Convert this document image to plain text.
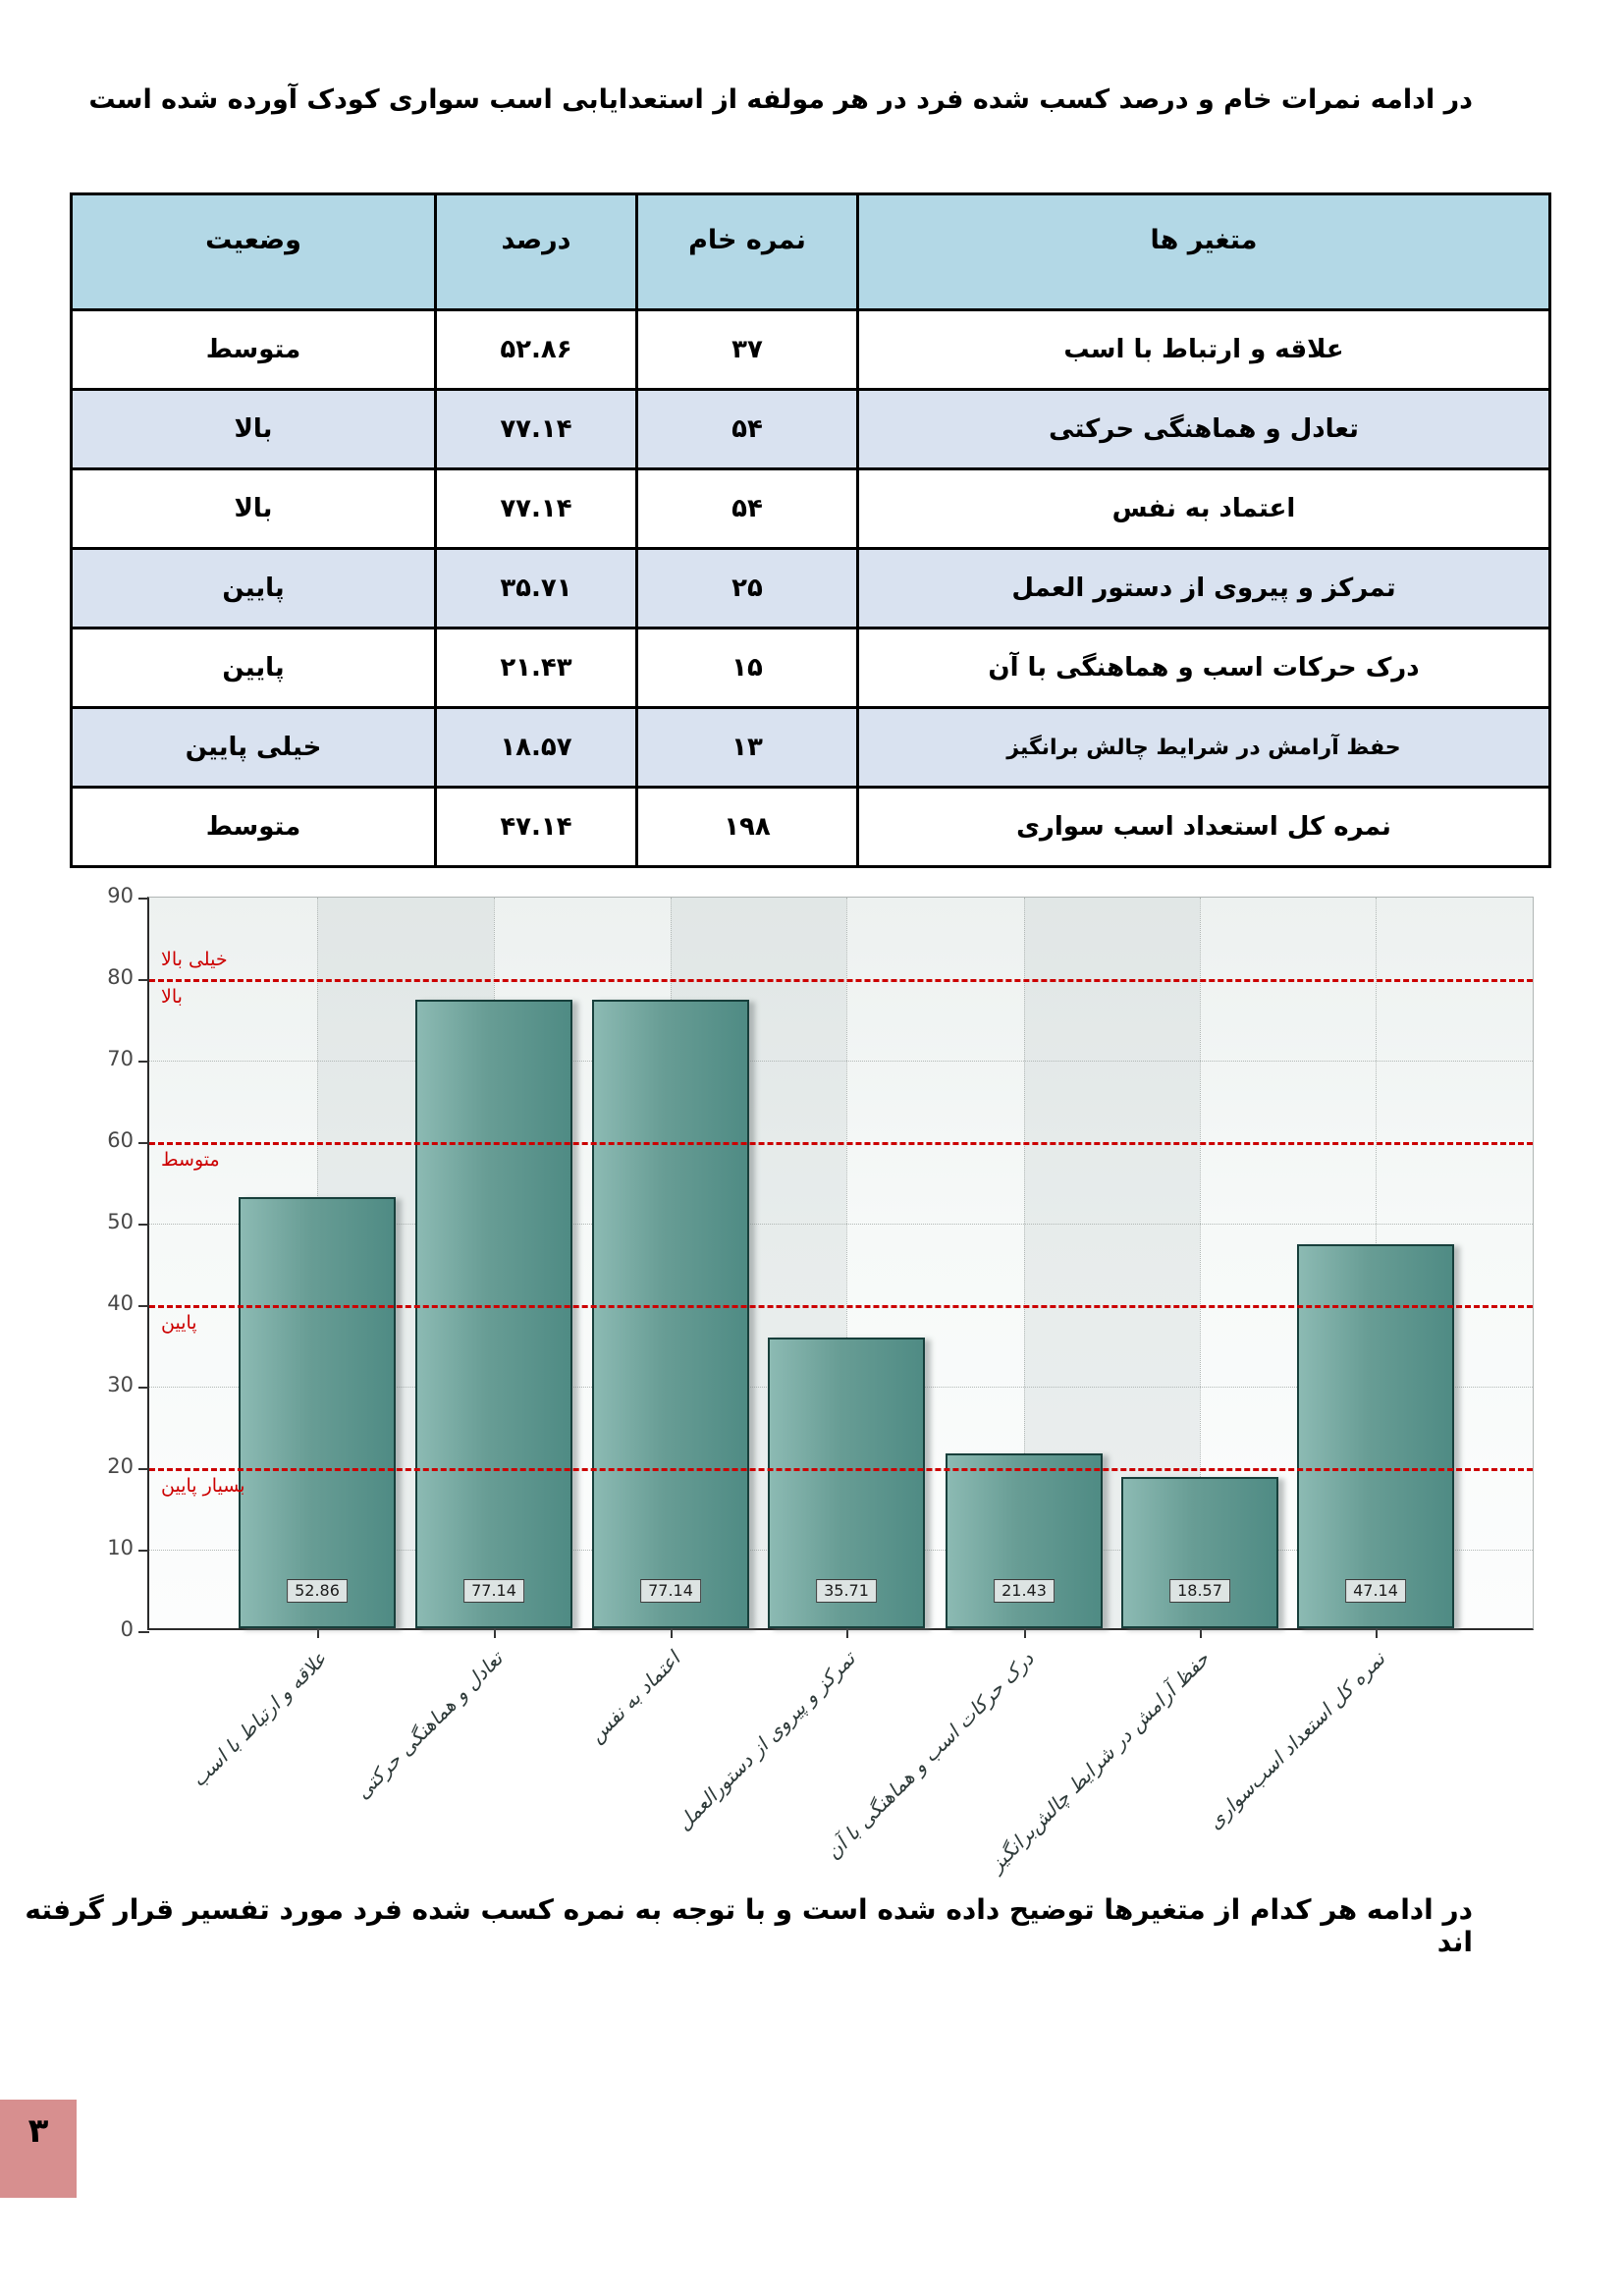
در ادامه نمرات خام و درصد کسب شده فرد در هر مولفه از استعدایابی اسب سواری کودک آورده شده است
متغیر ها	نمره خام	درصد	وضعیت
علاقه و ارتباط با اسب	۳۷	۵۲.۸۶	متوسط
تعادل و هماهنگی حرکتی	۵۴	۷۷.۱۴	بالا
اعتماد به نفس	۵۴	۷۷.۱۴	بالا
تمرکز و پیروی از دستور العمل	۲۵	۳۵.۷۱	پایین
درک حرکات اسب و هماهنگی با آن	۱۵	۲۱.۴۳	پایین
حفظ آرامش در شرایط چالش برانگیز	۱۳	۱۸.۵۷	خیلی پایین
نمره کل استعداد اسب سواری	۱۹۸	۴۷.۱۴	متوسط
خیلی بالا
بالا
متوسط
پایین
بسیار پایین
52.86	77.14	77.14	35.71	21.43	18.57	47.14
0
10
20
30
40
50
60
70
80
90
علاقه و ارتباط با اسب تعادل و هماهنگی حرکتی	اعتماد به نفس
تمرکز و پیروی از دستورالعمل
درک حرکات اسب و هماهنگی با آن
حفظ آرامش در شرایط چالش‌برانگیز
نمره کل استعداد اسب‌سواری
در ادامه هر کدام از متغیرها توضیح داده شده است و با توجه به نمره کسب شده فرد مورد تفسیر قرار گرفته اند
۳
